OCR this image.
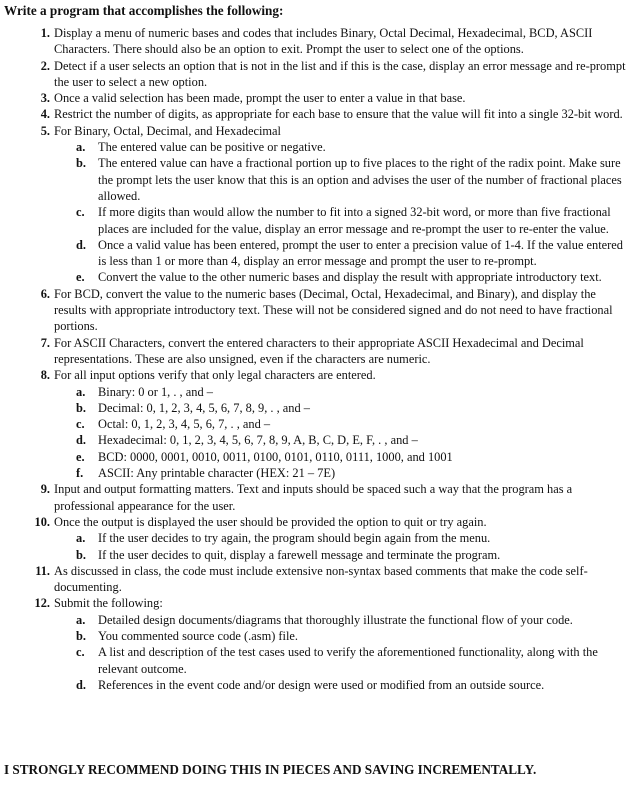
Write a program that accomplishes the following:
1. Display a menu of numeric bases and codes that includes Binary, Octal Decimal, Hexadecimal, BCD, ASCII Characters. There should also be an option to exit. Prompt the user to select one of the options.
2. Detect if a user selects an option that is not in the list and if this is the case, display an error message and re-prompt the user to select a new option.
3. Once a valid selection has been made, prompt the user to enter a value in that base.
4. Restrict the number of digits, as appropriate for each base to ensure that the value will fit into a single 32-bit word.
5. For Binary, Octal, Decimal, and Hexadecimal
a. The entered value can be positive or negative.
b. The entered value can have a fractional portion up to five places to the right of the radix point. Make sure the prompt lets the user know that this is an option and advises the user of the number of fractional places allowed.
c. If more digits than would allow the number to fit into a signed 32-bit word, or more than five fractional places are included for the value, display an error message and re-prompt the user to re-enter the value.
d. Once a valid value has been entered, prompt the user to enter a precision value of 1-4. If the value entered is less than 1 or more than 4, display an error message and prompt the user to re-prompt.
e. Convert the value to the other numeric bases and display the result with appropriate introductory text.
6. For BCD, convert the value to the numeric bases (Decimal, Octal, Hexadecimal, and Binary), and display the results with appropriate introductory text. These will not be considered signed and do not need to have fractional portions.
7. For ASCII Characters, convert the entered characters to their appropriate ASCII Hexadecimal and Decimal representations. These are also unsigned, even if the characters are numeric.
8. For all input options verify that only legal characters are entered.
a. Binary: 0 or 1, . , and –
b. Decimal: 0, 1, 2, 3, 4, 5, 6, 7, 8, 9, . , and –
c. Octal: 0, 1, 2, 3, 4, 5, 6, 7, . , and –
d. Hexadecimal: 0, 1, 2, 3, 4, 5, 6, 7, 8, 9, A, B, C, D, E, F, . , and –
e. BCD: 0000, 0001, 0010, 0011, 0100, 0101, 0110, 0111, 1000, and 1001
f. ASCII: Any printable character (HEX: 21 – 7E)
9. Input and output formatting matters. Text and inputs should be spaced such a way that the program has a professional appearance for the user.
10. Once the output is displayed the user should be provided the option to quit or try again.
a. If the user decides to try again, the program should begin again from the menu.
b. If the user decides to quit, display a farewell message and terminate the program.
11. As discussed in class, the code must include extensive non-syntax based comments that make the code self-documenting.
12. Submit the following:
a. Detailed design documents/diagrams that thoroughly illustrate the functional flow of your code.
b. You commented source code (.asm) file.
c. A list and description of the test cases used to verify the aforementioned functionality, along with the relevant outcome.
d. References in the event code and/or design were used or modified from an outside source.
I STRONGLY RECOMMEND DOING THIS IN PIECES AND SAVING INCREMENTALLY.
